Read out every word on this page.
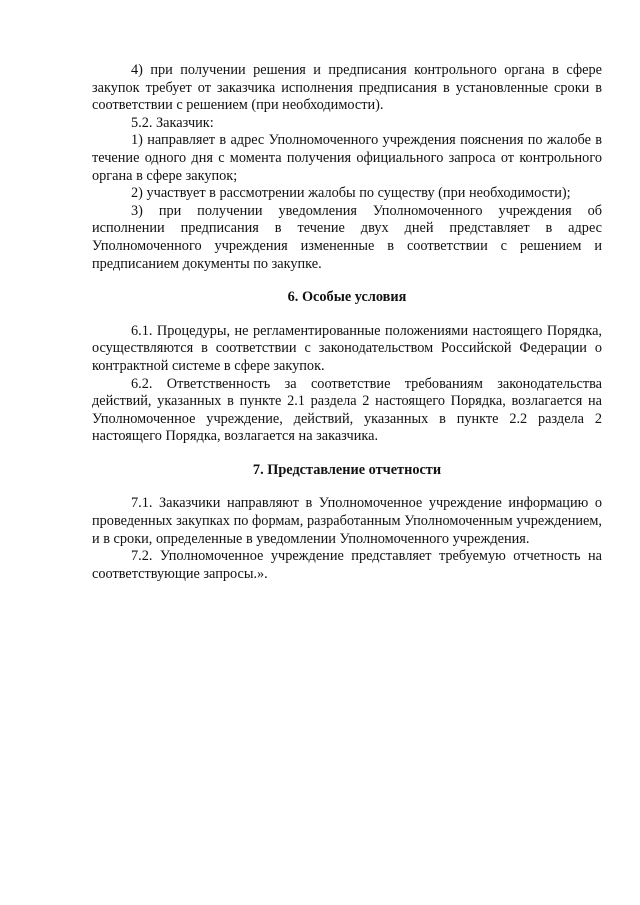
4) при получении решения и предписания контрольного органа в сфере закупок требует от заказчика исполнения предписания в установленные сроки в соответствии с решением (при необходимости).

5.2. Заказчик:

1) направляет в адрес Уполномоченного учреждения пояснения по жалобе в течение одного дня с момента получения официального запроса от контрольного органа в сфере закупок;

2) участвует в рассмотрении жалобы по существу (при необходимости);

3) при получении уведомления Уполномоченного учреждения об исполнении предписания в течение двух дней представляет в адрес Уполномоченного учреждения измененные в соответствии с решением и предписанием документы по закупке.

6. Особые условия

6.1. Процедуры, не регламентированные положениями настоящего Порядка, осуществляются в соответствии с законодательством Российской Федерации о контрактной системе в сфере закупок.

6.2. Ответственность за соответствие требованиям законодательства действий, указанных в пункте 2.1 раздела 2 настоящего Порядка, возлагается на Уполномоченное учреждение, действий, указанных в пункте 2.2 раздела 2 настоящего Порядка, возлагается на заказчика.

7. Представление отчетности

7.1. Заказчики направляют в Уполномоченное учреждение информацию о проведенных закупках по формам, разработанным Уполномоченным учреждением, и в сроки, определенные в уведомлении Уполномоченного учреждения.

7.2. Уполномоченное учреждение представляет требуемую отчетность на соответствующие запросы.».
